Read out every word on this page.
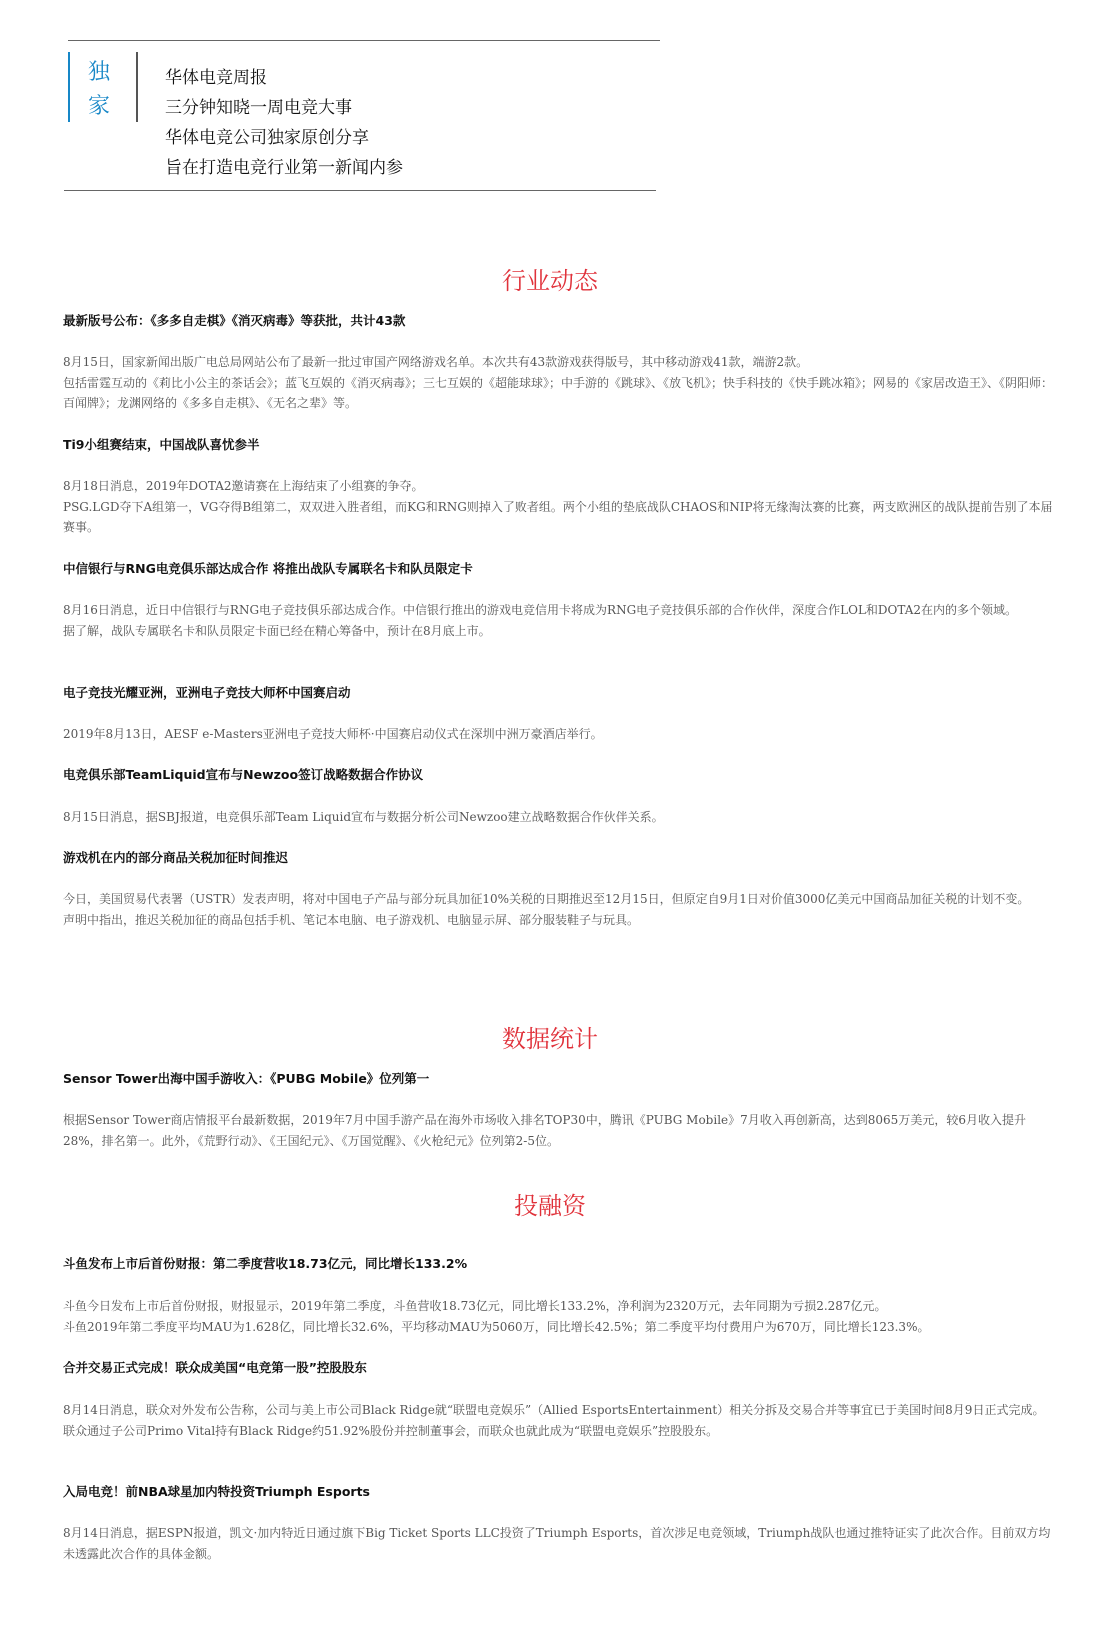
独
家
华体电竞周报
三分钟知晓一周电竞大事
华体电竞公司独家原创分享
旨在打造电竞行业第一新闻内参
行业动态
最新版号公布：《多多自走棋》《消灭病毒》等获批，共计43款

8月15日，国家新闻出版广电总局网站公布了最新一批过审国产网络游戏名单。本次共有43款游戏获得版号，其中移动游戏41款，端游2款。

包括雷霆互动的《莉比小公主的茶话会》；蓝飞互娱的《消灭病毒》；三七互娱的《超能球球》；中手游的《跳球》、《放飞机》；快手科技的《快手跳冰箱》；网易的《家居改造王》、《阴阳师：百闻牌》；龙渊网络的《多多自走棋》、《无名之辈》等。

Ti9小组赛结束，中国战队喜忧参半

8月18日消息，2019年DOTA2邀请赛在上海结束了小组赛的争夺。

PSG.LGD夺下A组第一，VG夺得B组第二，双双进入胜者组，而KG和RNG则掉入了败者组。两个小组的垫底战队CHAOS和NIP将无缘淘汰赛的比赛，两支欧洲区的战队提前告别了本届赛事。

中信银行与RNG电竞俱乐部达成合作 将推出战队专属联名卡和队员限定卡

8月16日消息，近日中信银行与RNG电子竞技俱乐部达成合作。中信银行推出的游戏电竞信用卡将成为RNG电子竞技俱乐部的合作伙伴，深度合作LOL和DOTA2在内的多个领域。

据了解，战队专属联名卡和队员限定卡面已经在精心筹备中，预计在8月底上市。

电子竞技光耀亚洲，亚洲电子竞技大师杯中国赛启动

2019年8月13日，AESF e-Masters亚洲电子竞技大师杯·中国赛启动仪式在深圳中洲万豪酒店举行。

电竞俱乐部TeamLiquid宣布与Newzoo签订战略数据合作协议

8月15日消息，据SBJ报道，电竞俱乐部Team Liquid宣布与数据分析公司Newzoo建立战略数据合作伙伴关系。

游戏机在内的部分商品关税加征时间推迟

今日，美国贸易代表署（USTR）发表声明，将对中国电子产品与部分玩具加征10%关税的日期推迟至12月15日，但原定自9月1日对价值3000亿美元中国商品加征关税的计划不变。

声明中指出，推迟关税加征的商品包括手机、笔记本电脑、电子游戏机、电脑显示屏、部分服装鞋子与玩具。

数据统计
Sensor Tower出海中国手游收入：《PUBG Mobile》位列第一

根据Sensor Tower商店情报平台最新数据，2019年7月中国手游产品在海外市场收入排名TOP30中，腾讯《PUBG Mobile》7月收入再创新高，达到8065万美元，较6月收入提升28%，排名第一。此外，《荒野行动》、《王国纪元》、《万国觉醒》、《火枪纪元》位列第2-5位。

投融资
斗鱼发布上市后首份财报：第二季度营收18.73亿元，同比增长133.2%

斗鱼今日发布上市后首份财报，财报显示，2019年第二季度，斗鱼营收18.73亿元，同比增长133.2%，净利润为2320万元，去年同期为亏损2.287亿元。

斗鱼2019年第二季度平均MAU为1.628亿，同比增长32.6%，平均移动MAU为5060万，同比增长42.5%；第二季度平均付费用户为670万，同比增长123.3%。

合并交易正式完成！联众成美国“电竞第一股”控股股东

8月14日消息，联众对外发布公告称，公司与美上市公司Black Ridge就“联盟电竞娱乐”（Allied EsportsEntertainment）相关分拆及交易合并等事宜已于美国时间8月9日正式完成。

联众通过子公司Primo Vital持有Black Ridge约51.92%股份并控制董事会，而联众也就此成为“联盟电竞娱乐”控股股东。

入局电竞！前NBA球星加内特投资Triumph Esports

8月14日消息，据ESPN报道，凯文·加内特近日通过旗下Big Ticket Sports LLC投资了Triumph Esports，首次涉足电竞领域，Triumph战队也通过推特证实了此次合作。目前双方均未透露此次合作的具体金额。
